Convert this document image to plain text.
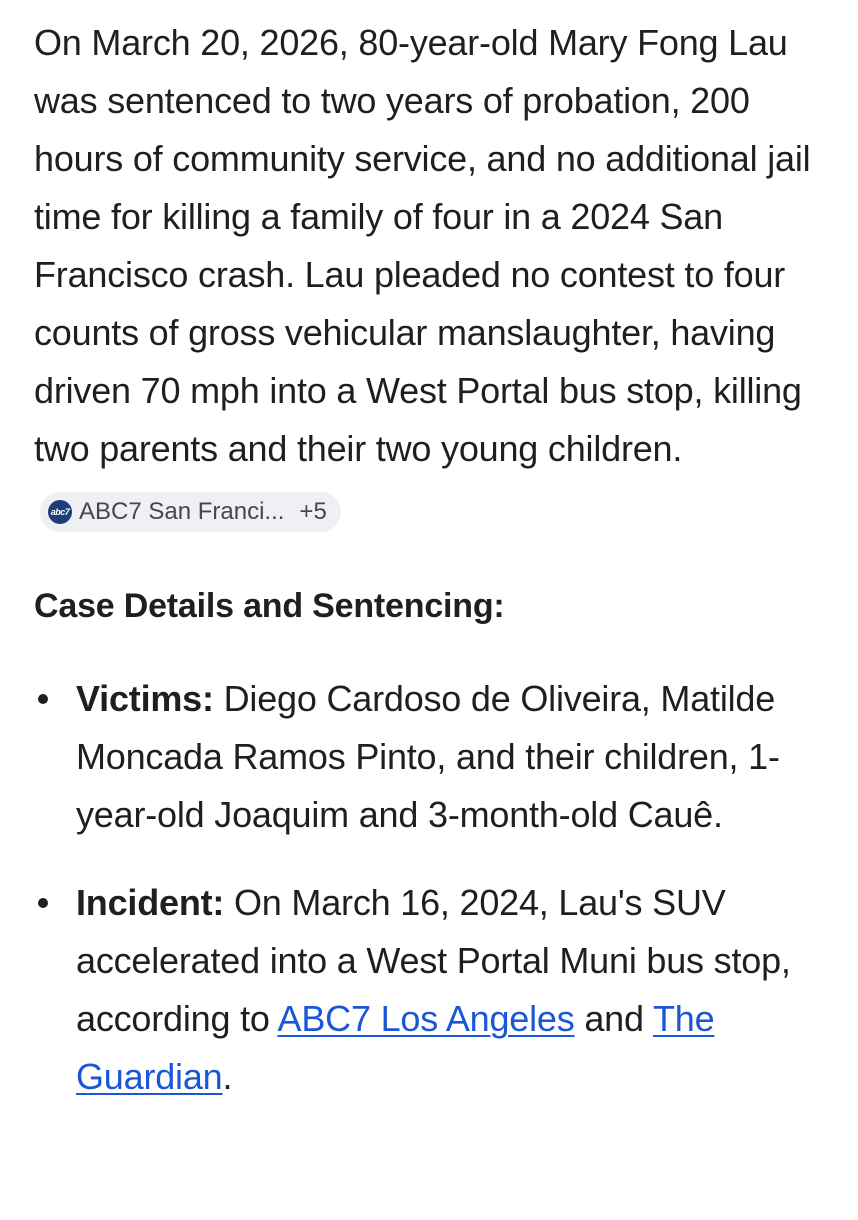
On March 20, 2026, 80-year-old Mary Fong Lau was sentenced to two years of probation, 200 hours of community service, and no additional jail time for killing a family of four in a 2024 San Francisco crash. Lau pleaded no contest to four counts of gross vehicular manslaughter, having driven 70 mph into a West Portal bus stop, killing two parents and their two young children.
abc7 ABC7 San Franci... +5

Case Details and Sentencing:
Victims: Diego Cardoso de Oliveira, Matilde Moncada Ramos Pinto, and their children, 1-year-old Joaquim and 3-month-old Cauê.
Incident: On March 16, 2024, Lau's SUV accelerated into a West Portal Muni bus stop, according to ABC7 Los Angeles and The Guardian.
